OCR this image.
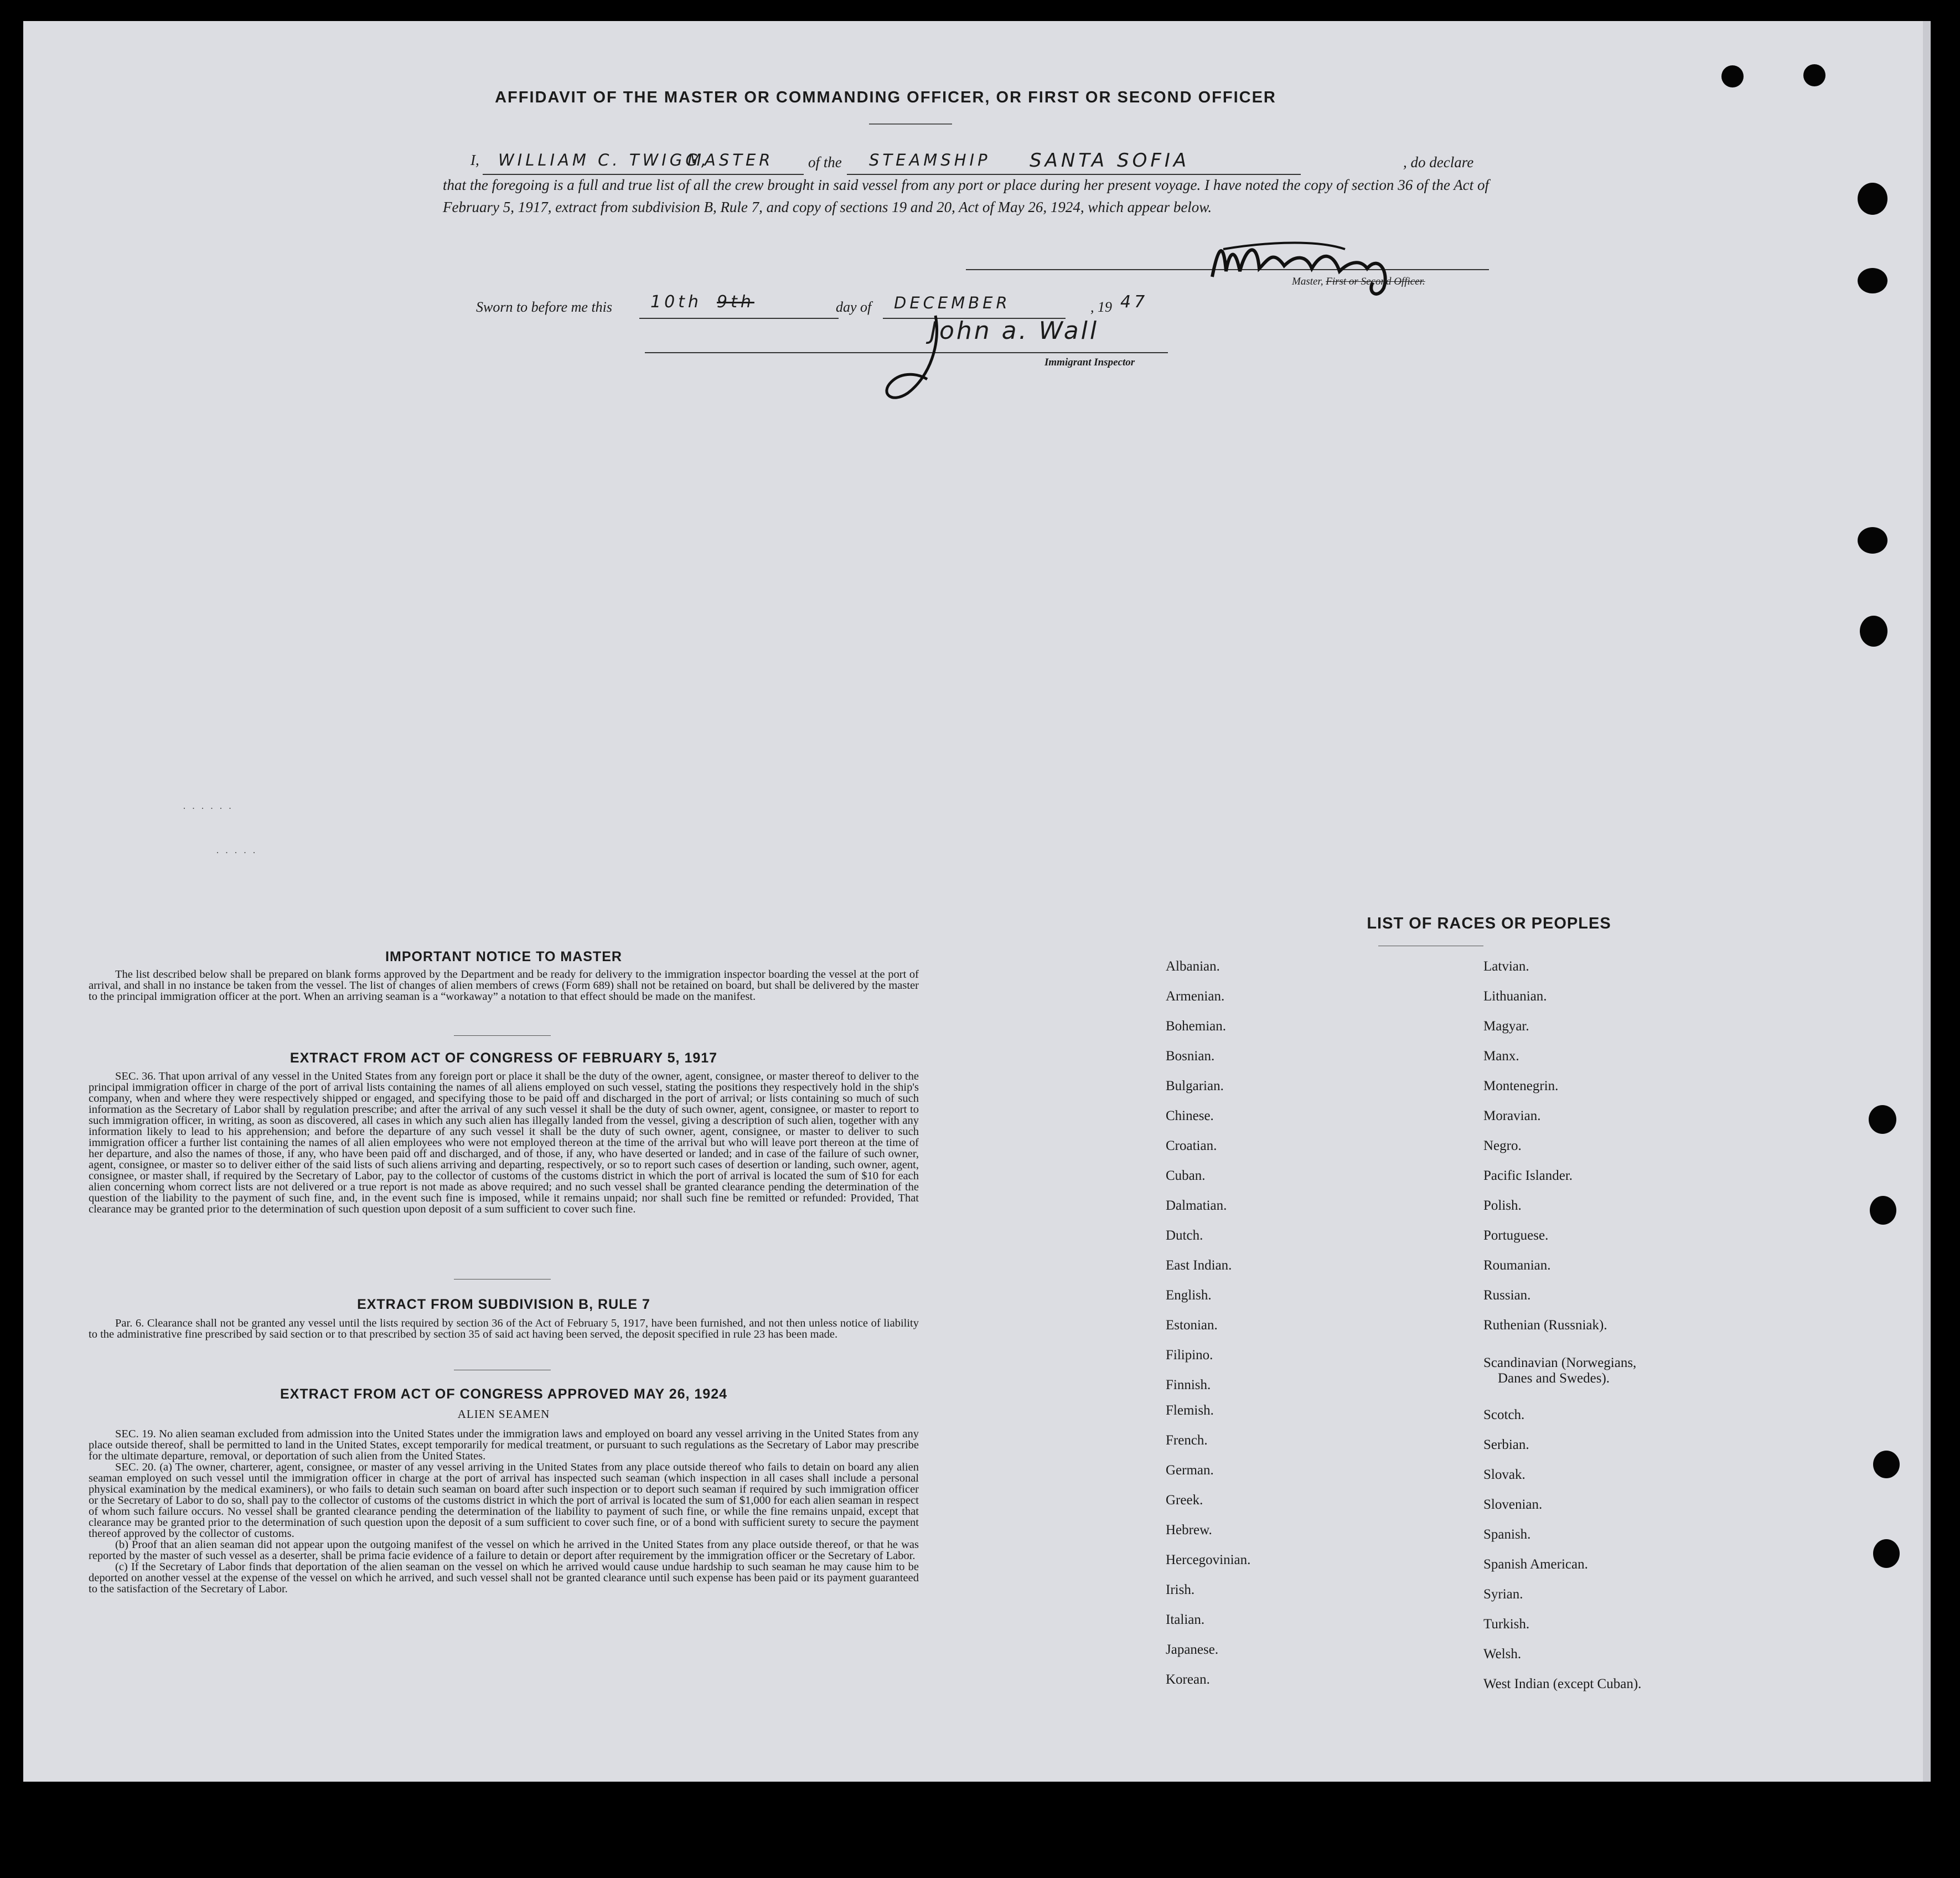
AFFIDAVIT OF THE MASTER OR COMMANDING OFFICER, OR FIRST OR SECOND OFFICER
I, WILLIAM C. TWIGG,
MASTER of the STEAMSHIP SANTA SOFIA	, do declare
that the foregoing is a full and true list of all the crew brought in said vessel from any port or place during her present voyage. I have noted the copy of section 36 of the Act of February 5, 1917, extract from subdivision B, Rule 7, and copy of sections 19 and 20, Act of May 26, 1924, which appear below.
Master, First or Second Officer.
Sworn to before me this 10th 9th	day of DECEMBER	, 19 47
John a. Wall
Immigrant Inspector
· · · · · ·
· · · · ·
IMPORTANT NOTICE TO MASTER

The list described below shall be prepared on blank forms approved by the Department and be ready for delivery to the immigration inspector boarding the vessel at the port of arrival, and shall in no instance be taken from the vessel. The list of changes of alien members of crews (Form 689) shall not be retained on board, but shall be delivered by the master to the principal immigration officer at the port. When an arriving seaman is a “workaway” a notation to that effect should be made on the manifest.

EXTRACT FROM ACT OF CONGRESS OF FEBRUARY 5, 1917

SEC. 36. That upon arrival of any vessel in the United States from any foreign port or place it shall be the duty of the owner, agent, consignee, or master thereof to deliver to the principal immigration officer in charge of the port of arrival lists containing the names of all aliens employed on such vessel, stating the positions they respectively hold in the ship's company, when and where they were respectively shipped or engaged, and specifying those to be paid off and discharged in the port of arrival; or lists containing so much of such information as the Secretary of Labor shall by regulation prescribe; and after the arrival of any such vessel it shall be the duty of such owner, agent, consignee, or master to report to such immigration officer, in writing, as soon as discovered, all cases in which any such alien has illegally landed from the vessel, giving a description of such alien, together with any information likely to lead to his apprehension; and before the departure of any such vessel it shall be the duty of such owner, agent, consignee, or master to deliver to such immigration officer a further list containing the names of all alien employees who were not employed thereon at the time of the arrival but who will leave port thereon at the time of her departure, and also the names of those, if any, who have been paid off and discharged, and of those, if any, who have deserted or landed; and in case of the failure of such owner, agent, consignee, or master so to deliver either of the said lists of such aliens arriving and departing, respectively, or so to report such cases of desertion or landing, such owner, agent, consignee, or master shall, if required by the Secretary of Labor, pay to the collector of customs of the customs district in which the port of arrival is located the sum of $10 for each alien concerning whom correct lists are not delivered or a true report is not made as above required; and no such vessel shall be granted clearance pending the determination of the question of the liability to the payment of such fine, and, in the event such fine is imposed, while it remains unpaid; nor shall such fine be remitted or refunded: Provided, That clearance may be granted prior to the determination of such question upon deposit of a sum sufficient to cover such fine.

EXTRACT FROM SUBDIVISION B, RULE 7

Par. 6. Clearance shall not be granted any vessel until the lists required by section 36 of the Act of February 5, 1917, have been furnished, and not then unless notice of liability to the administrative fine prescribed by said section or to that prescribed by section 35 of said act having been served, the deposit specified in rule 23 has been made.

EXTRACT FROM ACT OF CONGRESS APPROVED MAY 26, 1924
ALIEN SEAMEN

SEC. 19. No alien seaman excluded from admission into the United States under the immigration laws and employed on board any vessel arriving in the United States from any place outside thereof, shall be permitted to land in the United States, except temporarily for medical treatment, or pursuant to such regulations as the Secretary of Labor may prescribe for the ultimate departure, removal, or deportation of such alien from the United States.

SEC. 20. (a) The owner, charterer, agent, consignee, or master of any vessel arriving in the United States from any place outside thereof who fails to detain on board any alien seaman employed on such vessel until the immigration officer in charge at the port of arrival has inspected such seaman (which inspection in all cases shall include a personal physical examination by the medical examiners), or who fails to detain such seaman on board after such inspection or to deport such seaman if required by such immigration officer or the Secretary of Labor to do so, shall pay to the collector of customs of the customs district in which the port of arrival is located the sum of $1,000 for each alien seaman in respect of whom such failure occurs. No vessel shall be granted clearance pending the determination of the liability to payment of such fine, or while the fine remains unpaid, except that clearance may be granted prior to the determination of such question upon the deposit of a sum sufficient to cover such fine, or of a bond with sufficient surety to secure the payment thereof approved by the collector of customs.

(b) Proof that an alien seaman did not appear upon the outgoing manifest of the vessel on which he arrived in the United States from any place outside thereof, or that he was reported by the master of such vessel as a deserter, shall be prima facie evidence of a failure to detain or deport after requirement by the immigration officer or the Secretary of Labor.

(c) If the Secretary of Labor finds that deportation of the alien seaman on the vessel on which he arrived would cause undue hardship to such seaman he may cause him to be deported on another vessel at the expense of the vessel on which he arrived, and such vessel shall not be granted clearance until such expense has been paid or its payment guaranteed to the satisfaction of the Secretary of Labor.

LIST OF RACES OR PEOPLES
Albanian.
Armenian.
Bohemian.
Bosnian.
Bulgarian.
Chinese.
Croatian.
Cuban.
Dalmatian.
Dutch.
East Indian.
English.
Estonian.
Filipino.
Finnish.
Flemish.
French.
German.
Greek.
Hebrew.
Hercegovinian.
Irish.
Italian.
Japanese.
Korean.
Latvian.
Lithuanian.
Magyar.
Manx.
Montenegrin.
Moravian.
Negro.
Pacific Islander.
Polish.
Portuguese.
Roumanian.
Russian.
Ruthenian (Russniak).
Scandinavian (Norwegians,
Danes and Swedes).
Scotch.
Serbian.
Slovak.
Slovenian.
Spanish.
Spanish American.
Syrian.
Turkish.
Welsh.
West Indian (except Cuban).
